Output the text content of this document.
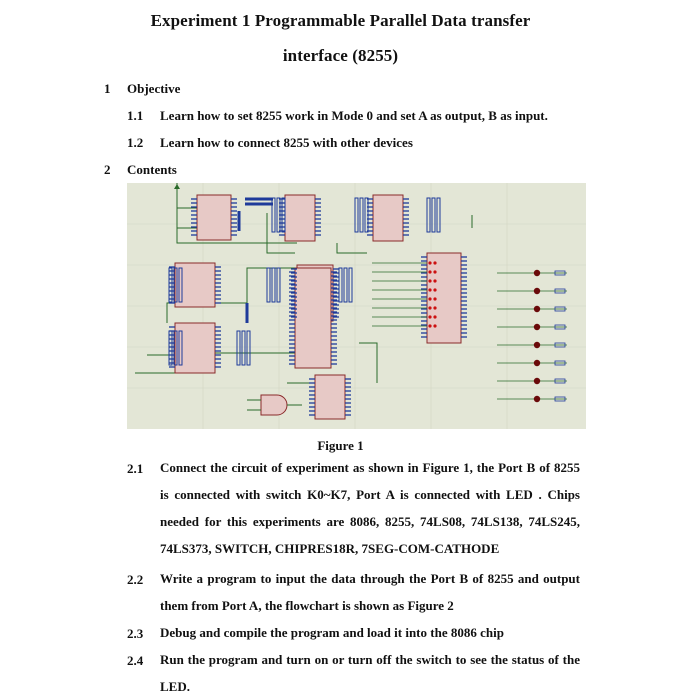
Experiment 1 Programmable Parallel Data transfer
interface (8255)
1 Objective
1.1 Learn how to set 8255 work in Mode 0 and set A as output, B as input.
1.2 Learn how to connect 8255 with other devices
2 Contents
Figure 1
2.1 Connect the circuit of experiment as shown in Figure 1, the Port B of 8255 is connected with switch K0~K7, Port A is connected with LED . Chips needed for this experiments are 8086, 8255, 74LS08, 74LS138, 74LS245, 74LS373, SWITCH, CHIPRES18R, 7SEG-COM-CATHODE
2.2 Write a program to input the data through the Port B of 8255 and output them from Port A, the flowchart is shown as Figure 2
2.3 Debug and compile the program and load it into the 8086 chip
2.4 Run the program and turn on or turn off the switch to see the status of the LED.
